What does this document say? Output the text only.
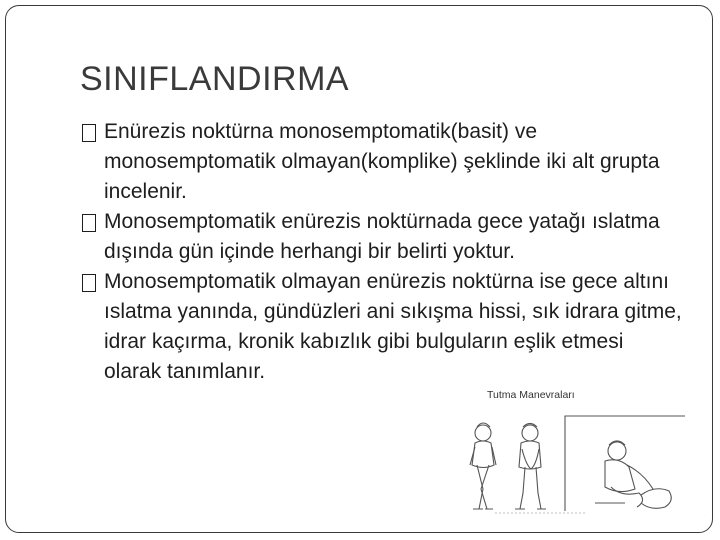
SINIFLANDIRMA
Enürezis noktürna monosemptomatik(basit) ve monosemptomatik olmayan(komplike) şeklinde iki alt grupta incelenir.
Monosemptomatik enürezis noktürnada gece yatağı ıslatma dışında gün içinde herhangi bir belirti yoktur.
Monosemptomatik olmayan enürezis noktürna ise gece altını ıslatma yanında, gündüzleri ani sıkışma hissi, sık idrara gitme, idrar kaçırma, kronik kabızlık gibi bulguların eşlik etmesi olarak tanımlanır.
Tutma Manevraları
